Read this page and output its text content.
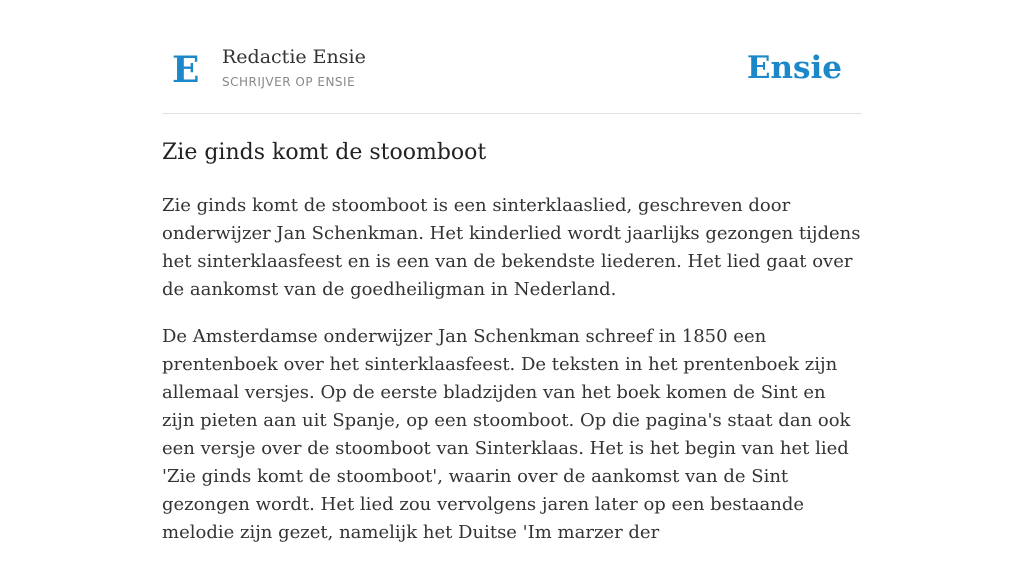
E Redactie Ensie
SCHRIJVER OP ENSIE	Ensie
Zie ginds komt de stoomboot

Zie ginds komt de stoomboot is een sinterklaaslied, geschreven door onderwijzer Jan Schenkman. Het kinderlied wordt jaarlijks gezongen tijdens het sinterklaasfeest en is een van de bekendste liederen. Het lied gaat over de aankomst van de goedheiligman in Nederland.

De Amsterdamse onderwijzer Jan Schenkman schreef in 1850 een prentenboek over het sinterklaasfeest. De teksten in het prentenboek zijn allemaal versjes. Op de eerste bladzijden van het boek komen de Sint en zijn pieten aan uit Spanje, op een stoomboot. Op die pagina's staat dan ook een versje over de stoomboot van Sinterklaas. Het is het begin van het lied 'Zie ginds komt de stoomboot', waarin over de aankomst van de Sint gezongen wordt. Het lied zou vervolgens jaren later op een bestaande melodie zijn gezet, namelijk het Duitse 'Im marzer der
